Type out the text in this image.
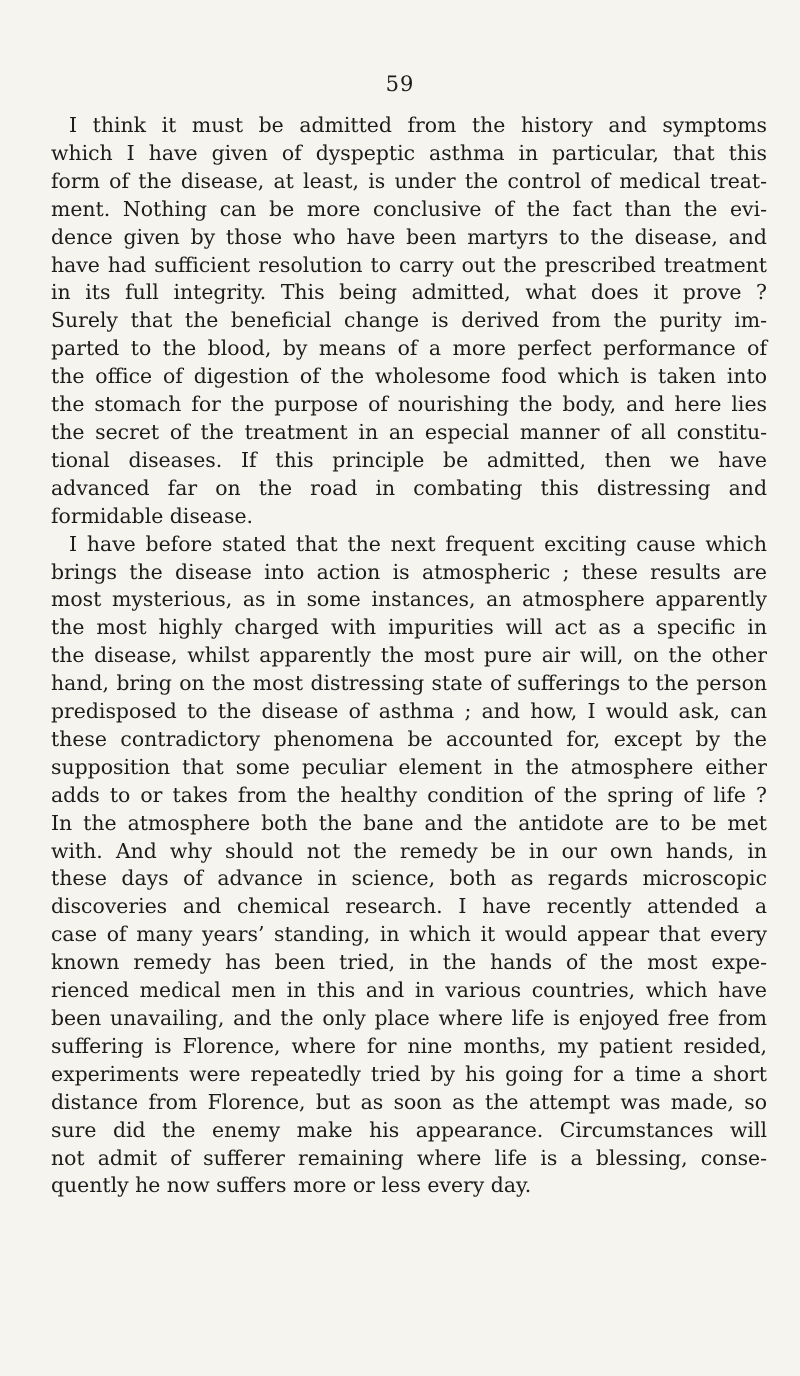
59
I think it must be admitted from the history and symptoms
which I have given of dyspeptic asthma in particular, that this
form of the disease, at least, is under the control of medical treat-
ment. Nothing can be more conclusive of the fact than the evi-
dence given by those who have been martyrs to the disease, and
have had sufficient resolution to carry out the prescribed treatment
in its full integrity. This being admitted, what does it prove ?
Surely that the beneficial change is derived from the purity im-
parted to the blood, by means of a more perfect performance of
the office of digestion of the wholesome food which is taken into
the stomach for the purpose of nourishing the body, and here lies
the secret of the treatment in an especial manner of all constitu-
tional diseases. If this principle be admitted, then we have
advanced far on the road in combating this distressing and
formidable disease.
I have before stated that the next frequent exciting cause which
brings the disease into action is atmospheric ; these results are
most mysterious, as in some instances, an atmosphere apparently
the most highly charged with impurities will act as a specific in
the disease, whilst apparently the most pure air will, on the other
hand, bring on the most distressing state of sufferings to the person
predisposed to the disease of asthma ; and how, I would ask, can
these contradictory phenomena be accounted for, except by the
supposition that some peculiar element in the atmosphere either
adds to or takes from the healthy condition of the spring of life ?
In the atmosphere both the bane and the antidote are to be met
with. And why should not the remedy be in our own hands, in
these days of advance in science, both as regards microscopic
discoveries and chemical research. I have recently attended a
case of many years’ standing, in which it would appear that every
known remedy has been tried, in the hands of the most expe-
rienced medical men in this and in various countries, which have
been unavailing, and the only place where life is enjoyed free from
suffering is Florence, where for nine months, my patient resided,
experiments were repeatedly tried by his going for a time a short
distance from Florence, but as soon as the attempt was made, so
sure did the enemy make his appearance. Circumstances will
not admit of sufferer remaining where life is a blessing, conse-
quently he now suffers more or less every day.
